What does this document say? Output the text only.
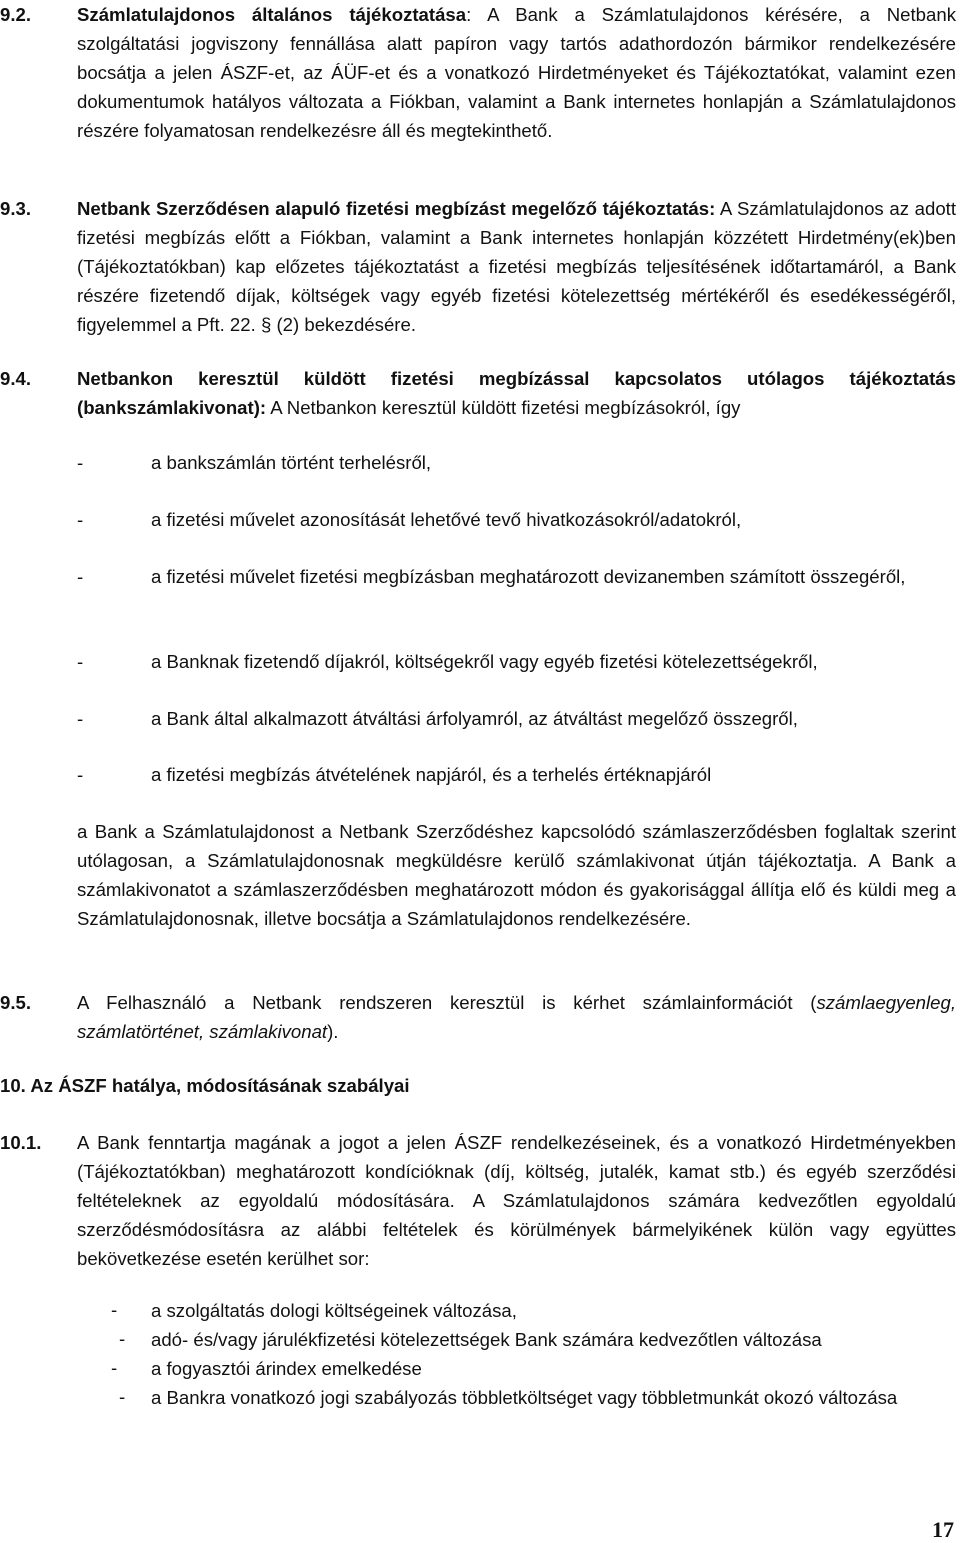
9.2. Számlatulajdonos általános tájékoztatása: A Bank a Számlatulajdonos kérésére, a Netbank szolgáltatási jogviszony fennállása alatt papíron vagy tartós adathordozón bármikor rendelkezésére bocsátja a jelen ÁSZF-et, az ÁÜF-et és a vonatkozó Hirdetményeket és Tájékoztatókat, valamint ezen dokumentumok hatályos változata a Fiókban, valamint a Bank internetes honlapján a Számlatulajdonos részére folyamatosan rendelkezésre áll és megtekinthető.
9.3. Netbank Szerződésen alapuló fizetési megbízást megelőző tájékoztatás: A Számlatulajdonos az adott fizetési megbízás előtt a Fiókban, valamint a Bank internetes honlapján közzétett Hirdetmény(ek)ben (Tájékoztatókban) kap előzetes tájékoztatást a fizetési megbízás teljesítésének időtartamáról, a Bank részére fizetendő díjak, költségek vagy egyéb fizetési kötelezettség mértékéről és esedékességéről, figyelemmel a Pft. 22. § (2) bekezdésére.
9.4. Netbankon keresztül küldött fizetési megbízással kapcsolatos utólagos tájékoztatás (bankszámlakivonat): A Netbankon keresztül küldött fizetési megbízásokról, így
-	a bankszámlán történt terhelésről,
-	a fizetési művelet azonosítását lehetővé tevő hivatkozásokról/adatokról,
-	a fizetési művelet fizetési megbízásban meghatározott devizanemben számított összegéről,
-	a Banknak fizetendő díjakról, költségekről vagy egyéb fizetési kötelezettségekről,
-	a Bank által alkalmazott átváltási árfolyamról, az átváltást megelőző összegről,
-	a fizetési megbízás átvételének napjáról, és a terhelés értéknapjáról
a Bank a Számlatulajdonost a Netbank Szerződéshez kapcsolódó számlaszerződésben foglaltak szerint utólagosan, a Számlatulajdonosnak megküldésre kerülő számlakivonat útján tájékoztatja. A Bank a számlakivonatot a számlaszerződésben meghatározott módon és gyakorisággal állítja elő és küldi meg a Számlatulajdonosnak, illetve bocsátja a Számlatulajdonos rendelkezésére.
9.5. A Felhasználó a Netbank rendszeren keresztül is kérhet számlainformációt (számlaegyenleg, számlatörténet, számlakivonat).
10. Az ÁSZF hatálya, módosításának szabályai
10.1. A Bank fenntartja magának a jogot a jelen ÁSZF rendelkezéseinek, és a vonatkozó Hirdetményekben (Tájékoztatókban) meghatározott kondícióknak (díj, költség, jutalék, kamat stb.) és egyéb szerződési feltételeknek az egyoldalú módosítására. A Számlatulajdonos számára kedvezőtlen egyoldalú szerződésmódosításra az alábbi feltételek és körülmények bármelyikének külön vagy együttes bekövetkezése esetén kerülhet sor:
- a szolgáltatás dologi költségeinek változása,
- adó- és/vagy járulékfizetési kötelezettségek Bank számára kedvezőtlen változása
- a fogyasztói árindex emelkedése
- a Bankra vonatkozó jogi szabályozás többletköltséget vagy többletmunkát okozó változása
17
